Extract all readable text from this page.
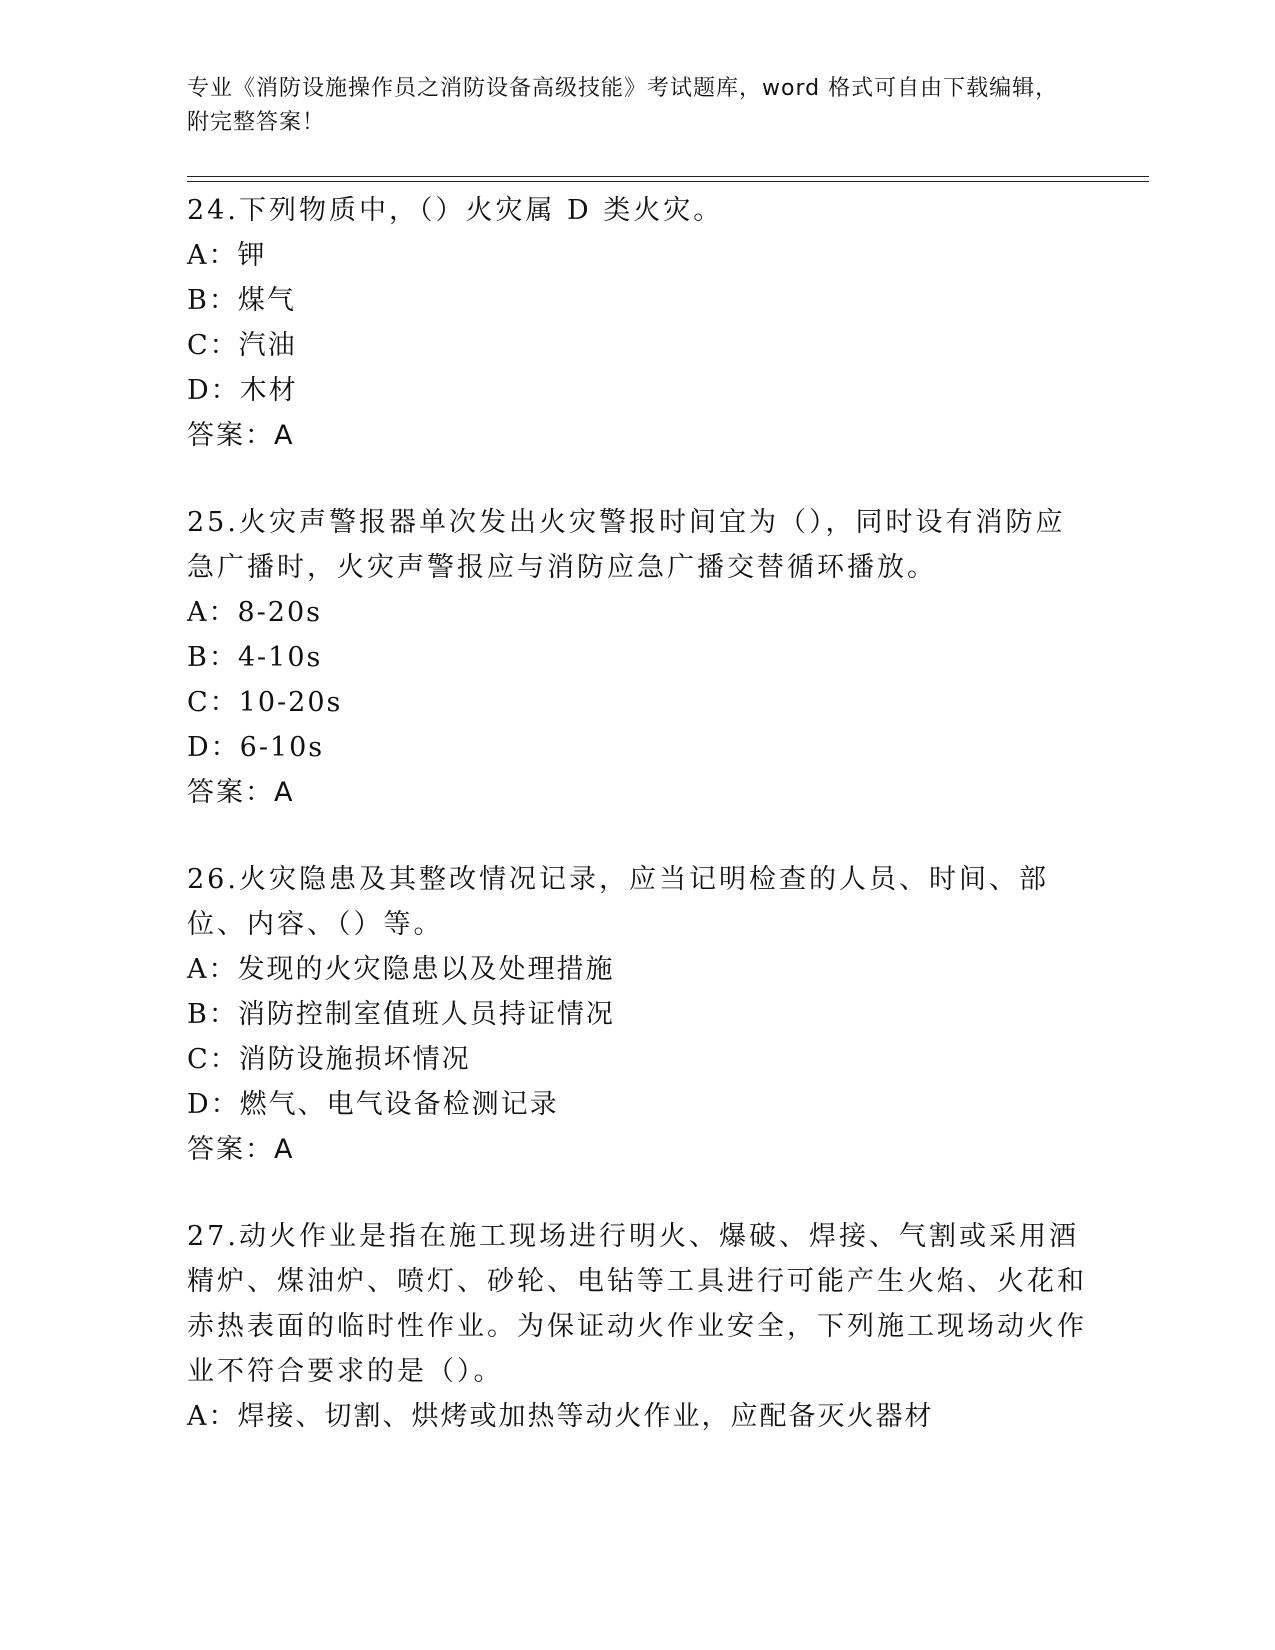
专业《消防设施操作员之消防设备高级技能》考试题库，word 格式可自由下载编辑，附完整答案！

24.下列物质中，（）火灾属 D 类火灾。

A：钾

B：煤气

C：汽油

D：木材

答案：A

25.火灾声警报器单次发出火灾警报时间宜为（），同时设有消防应急广播时，火灾声警报应与消防应急广播交替循环播放。

A：8-20s

B：4-10s

C：10-20s

D：6-10s

答案：A

26.火灾隐患及其整改情况记录，应当记明检查的人员、时间、部位、内容、（）等。

A：发现的火灾隐患以及处理措施

B：消防控制室值班人员持证情况

C：消防设施损坏情况

D：燃气、电气设备检测记录

答案：A

27.动火作业是指在施工现场进行明火、爆破、焊接、气割或采用酒精炉、煤油炉、喷灯、砂轮、电钻等工具进行可能产生火焰、火花和赤热表面的临时性作业。为保证动火作业安全，下列施工现场动火作业不符合要求的是（）。

A：焊接、切割、烘烤或加热等动火作业，应配备灭火器材
